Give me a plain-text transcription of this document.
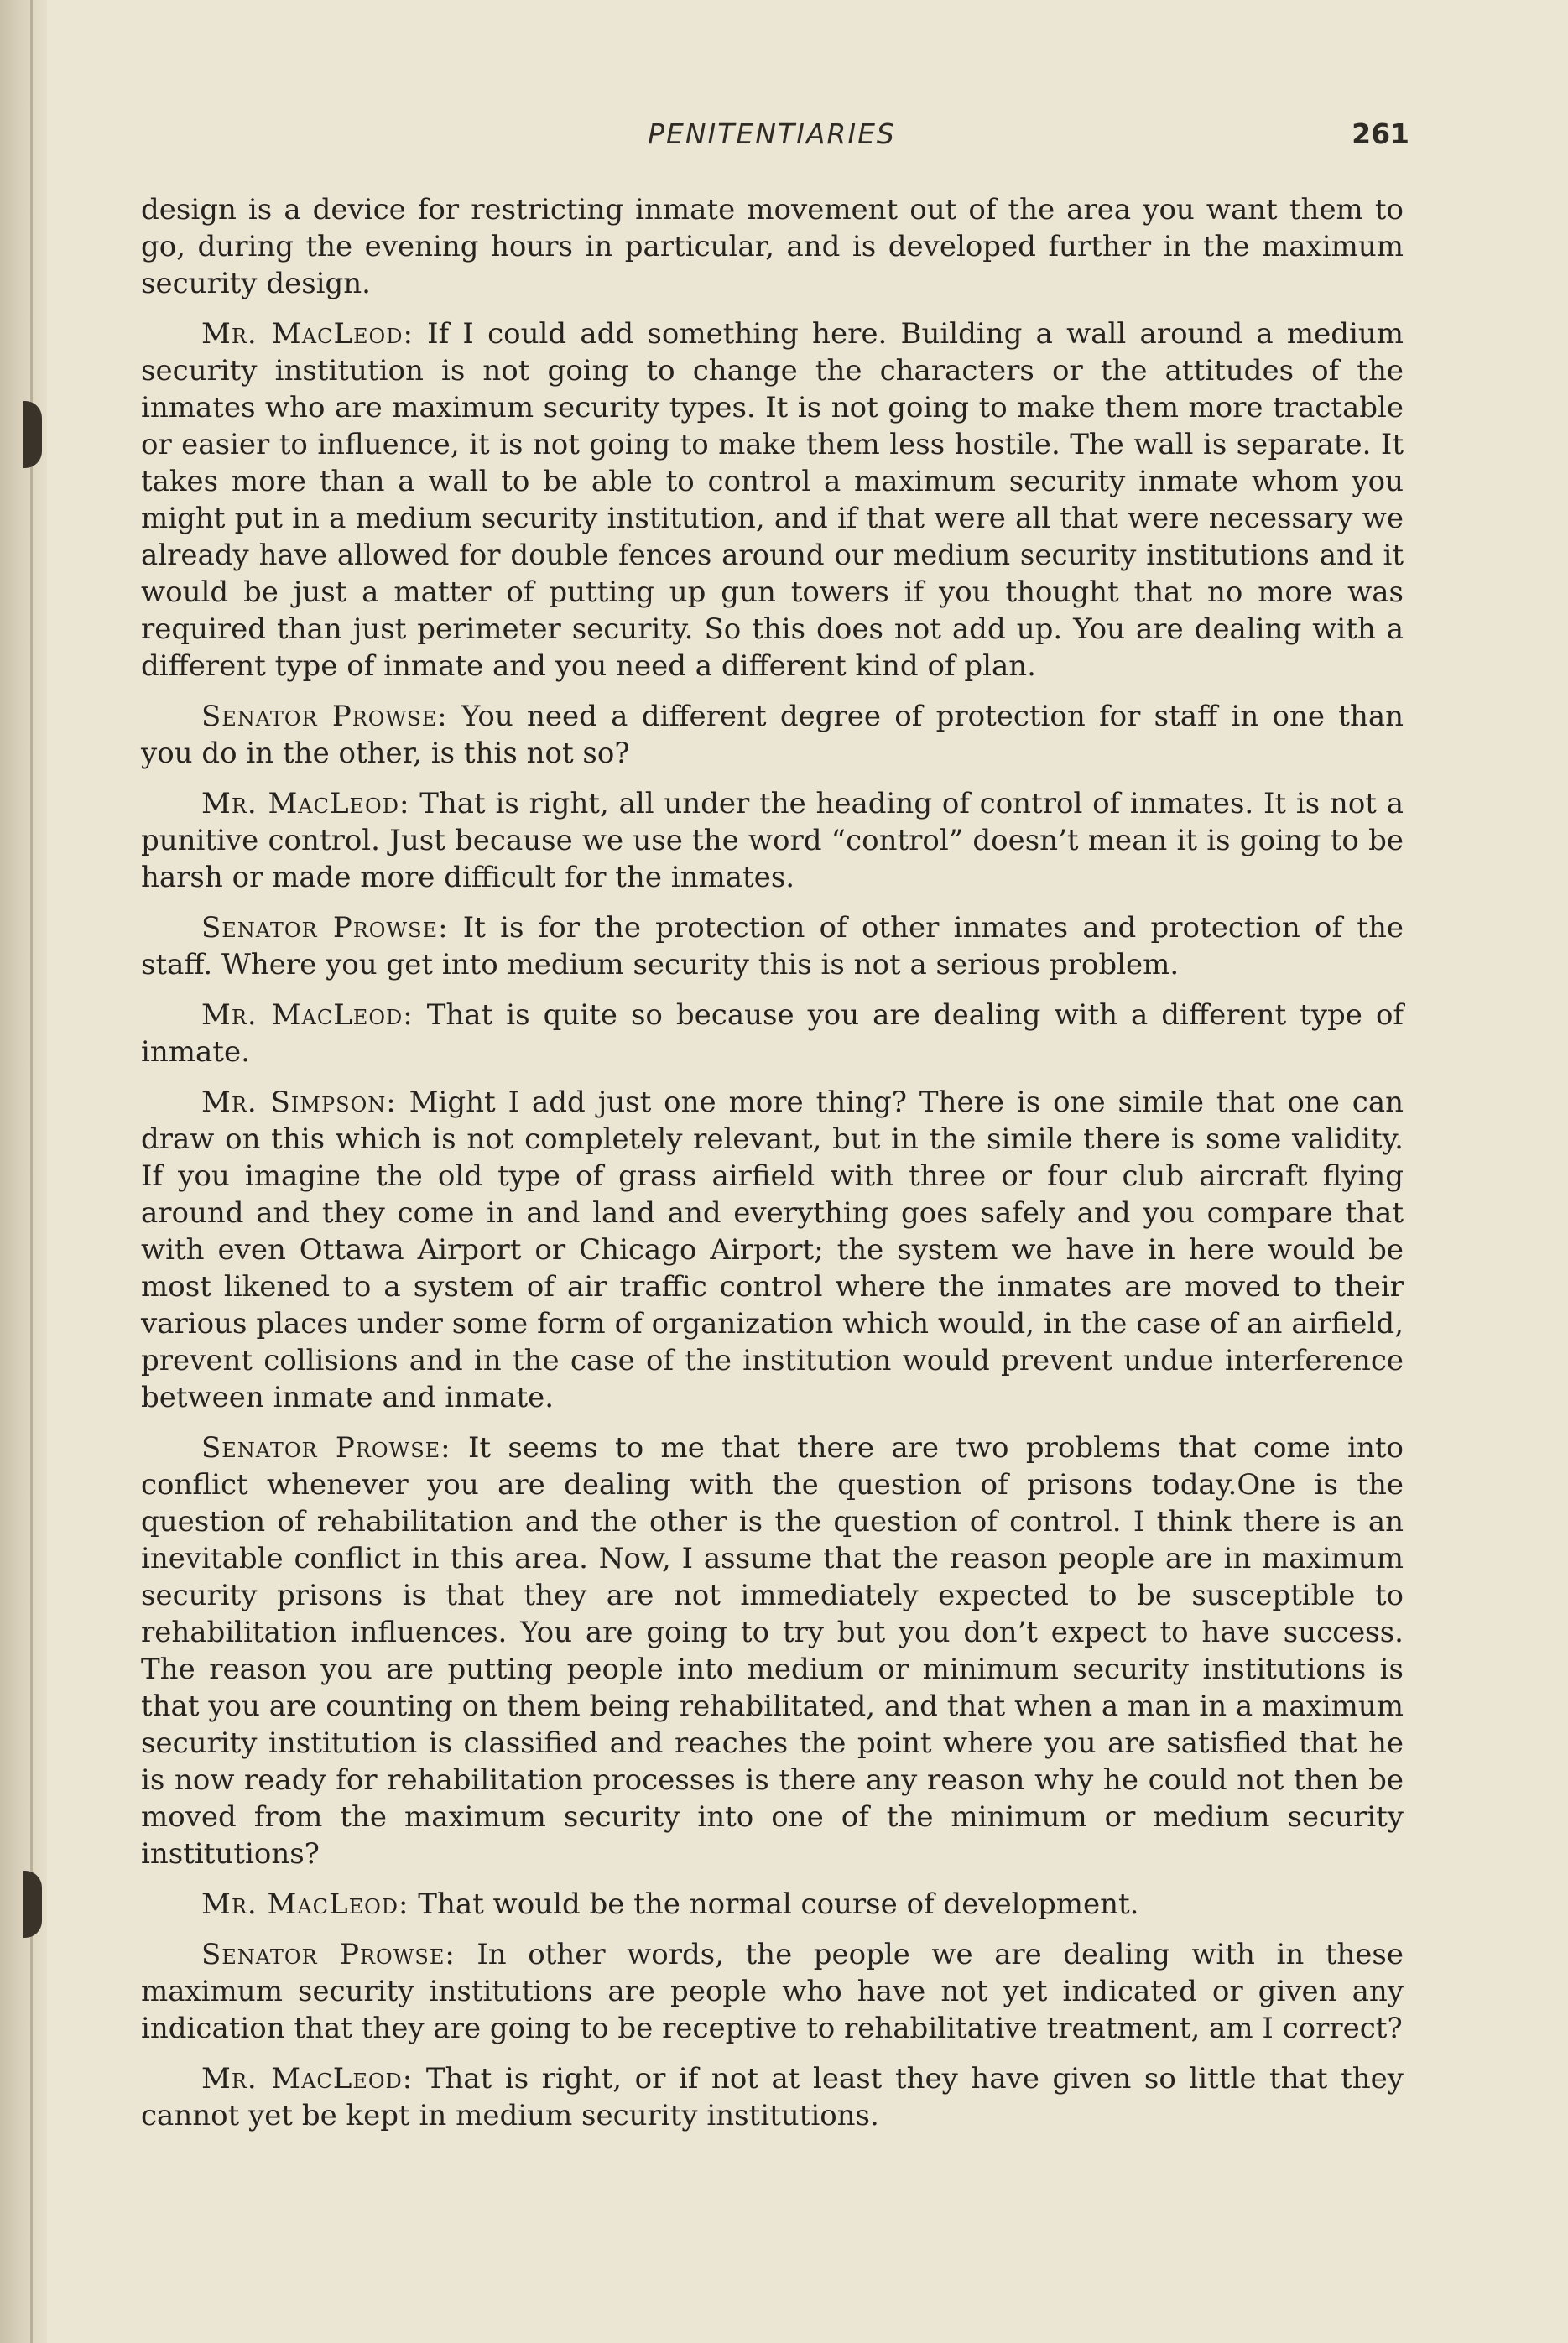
PENITENTIARIES	261

design is a device for restricting inmate movement out of the area you want them to go, during the evening hours in particular, and is developed further in the maximum security design.

Mr. MacLeod: If I could add something here. Building a wall around a medium security institution is not going to change the characters or the attitudes of the inmates who are maximum security types. It is not going to make them more tractable or easier to influence, it is not going to make them less hostile. The wall is separate. It takes more than a wall to be able to control a maximum security inmate whom you might put in a medium security institution, and if that were all that were necessary we already have allowed for double fences around our medium security institutions and it would be just a matter of putting up gun towers if you thought that no more was required than just perimeter security. So this does not add up. You are dealing with a different type of inmate and you need a different kind of plan.

Senator Prowse: You need a different degree of protection for staff in one than you do in the other, is this not so?

Mr. MacLeod: That is right, all under the heading of control of inmates. It is not a punitive control. Just because we use the word “control” doesn’t mean it is going to be harsh or made more difficult for the inmates.

Senator Prowse: It is for the protection of other inmates and protection of the staff. Where you get into medium security this is not a serious problem.

Mr. MacLeod: That is quite so because you are dealing with a different type of inmate.

Mr. Simpson: Might I add just one more thing? There is one simile that one can draw on this which is not completely relevant, but in the simile there is some validity. If you imagine the old type of grass airfield with three or four club aircraft flying around and they come in and land and everything goes safely and you compare that with even Ottawa Airport or Chicago Airport; the system we have in here would be most likened to a system of air traffic control where the inmates are moved to their various places under some form of organization which would, in the case of an airfield, prevent collisions and in the case of the institution would prevent undue interference between inmate and inmate.

Senator Prowse: It seems to me that there are two problems that come into conflict whenever you are dealing with the question of prisons today.One is the question of rehabilitation and the other is the question of control. I think there is an inevitable conflict in this area. Now, I assume that the reason people are in maximum security prisons is that they are not immediately expected to be susceptible to rehabilitation influences. You are going to try but you don’t expect to have success. The reason you are putting people into medium or minimum security institutions is that you are counting on them being rehabilitated, and that when a man in a maximum security institution is classified and reaches the point where you are satisfied that he is now ready for rehabilitation processes is there any reason why he could not then be moved from the maximum security into one of the minimum or medium security institutions?

Mr. MacLeod: That would be the normal course of development.

Senator Prowse: In other words, the people we are dealing with in these maximum security institutions are people who have not yet indicated or given any indication that they are going to be receptive to rehabilitative treatment, am I correct?

Mr. MacLeod: That is right, or if not at least they have given so little that they cannot yet be kept in medium security institutions.
